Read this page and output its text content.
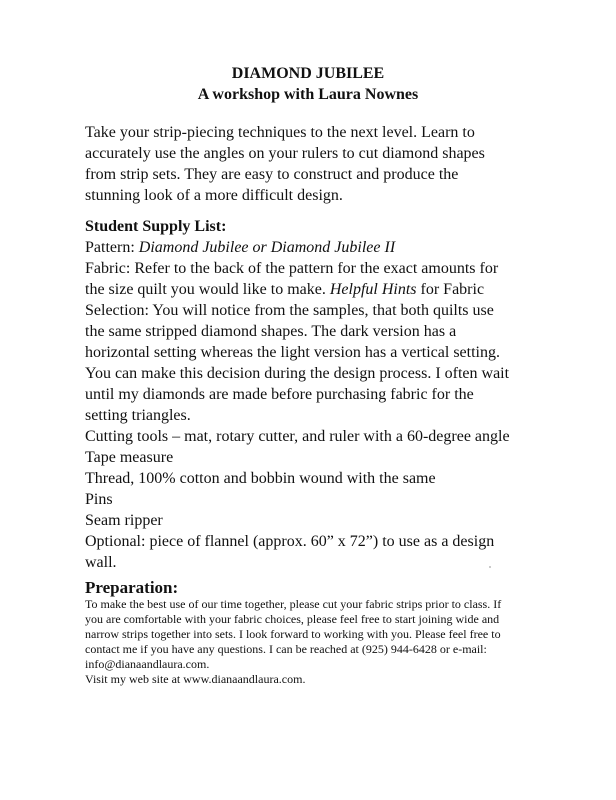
DIAMOND JUBILEE
A workshop with Laura Nownes
Take your strip-piecing techniques to the next level. Learn to
accurately use the angles on your rulers to cut diamond shapes
from strip sets. They are easy to construct and produce the
stunning look of a more difficult design.
Student Supply List:
Pattern: Diamond Jubilee or Diamond Jubilee II
Fabric: Refer to the back of the pattern for the exact amounts for
the size quilt you would like to make. Helpful Hints for Fabric
Selection: You will notice from the samples, that both quilts use
the same stripped diamond shapes. The dark version has a
horizontal setting whereas the light version has a vertical setting.
You can make this decision during the design process. I often wait
until my diamonds are made before purchasing fabric for the
setting triangles.
Cutting tools – mat, rotary cutter, and ruler with a 60-degree angle
Tape measure
Thread, 100% cotton and bobbin wound with the same
Pins
Seam ripper
Optional: piece of flannel (approx. 60” x 72”) to use as a design
wall.
Preparation:
To make the best use of our time together, please cut your fabric strips prior to class. If
you are comfortable with your fabric choices, please feel free to start joining wide and
narrow strips together into sets. I look forward to working with you. Please feel free to
contact me if you have any questions. I can be reached at (925) 944-6428 or e-mail:
info@dianaandlaura.com.
Visit my web site at www.dianaandlaura.com.
